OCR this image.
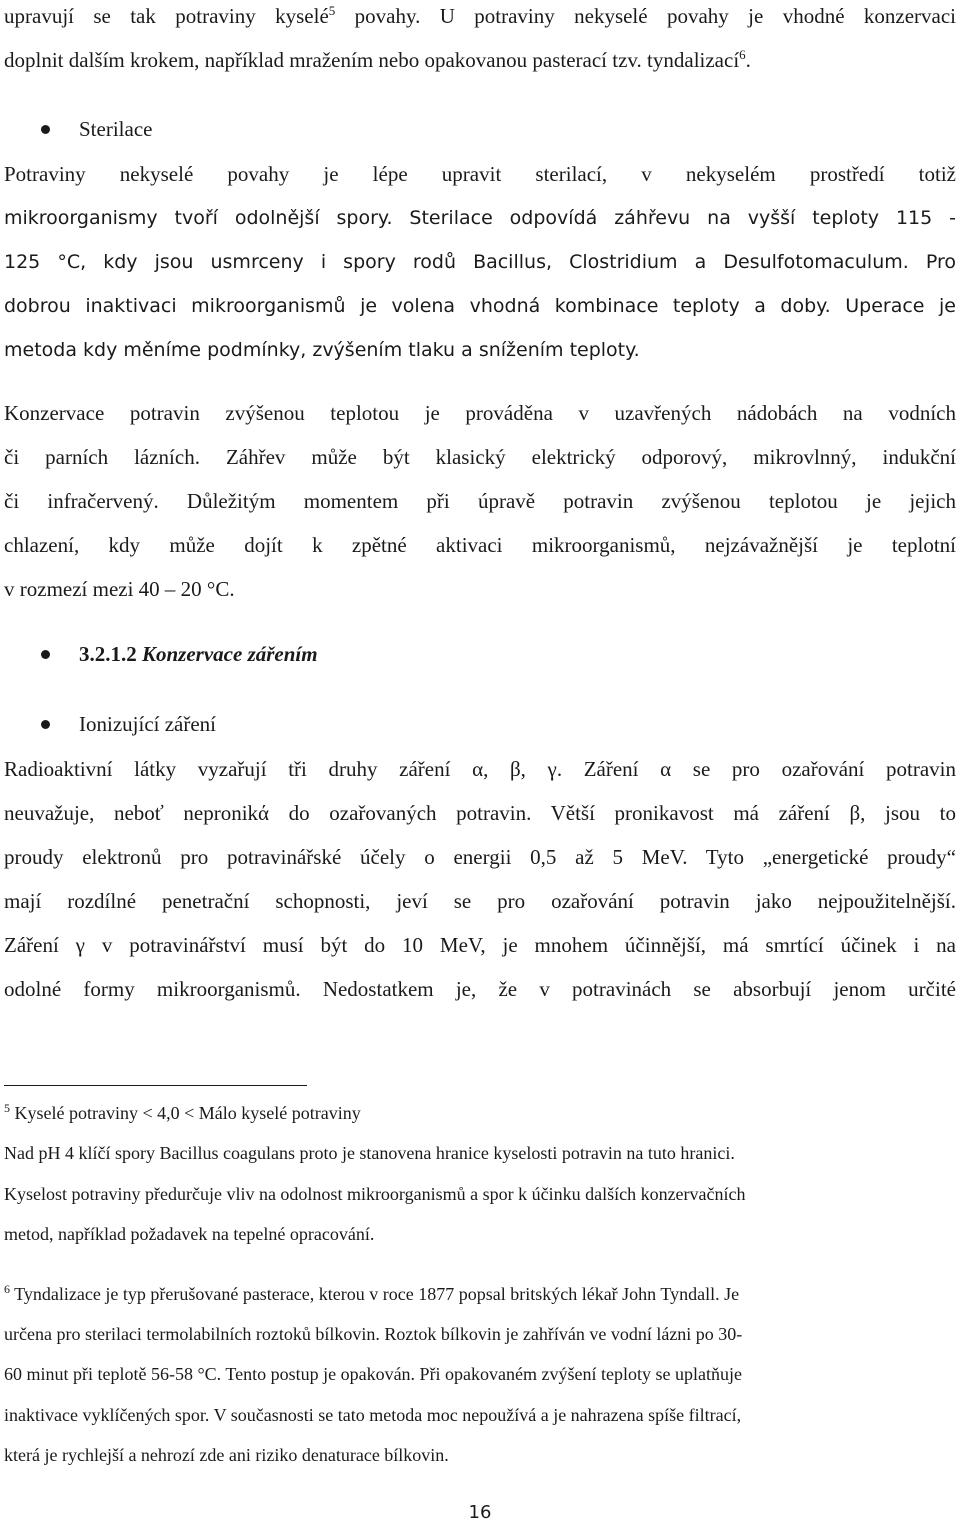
upravují se tak potraviny kyselé$^5$ povahy. U potraviny nekyselé povahy je vhodné konzervaci
doplnit dalším krokem, například mražením nebo opakovanou pasterací tzv. tyndalizací$^6$.
Sterilace
Potraviny nekyselé povahy je lépe upravit sterilací, v nekyselém prostředí totiž
mikroorganismy tvoří odolnější spory. Sterilace odpovídá záhřevu na vyšší teploty 115 -
125 °C, kdy jsou usmrceny i spory rodů Bacillus, Clostridium a Desulfotomaculum. Pro
dobrou inaktivaci mikroorganismů je volena vhodná kombinace teploty a doby. Uperace je
metoda kdy měníme podmínky, zvýšením tlaku a snížením teploty.
Konzervace potravin zvýšenou teplotou je prováděna v uzavřených nádobách na vodních
či parních lázních. Záhřev může být klasický elektrický odporový, mikrovlnný, indukční
či infračervený. Důležitým momentem při úpravě potravin zvýšenou teplotou je jejich
chlazení, kdy může dojít k zpětné aktivaci mikroorganismů, nejzávažnější je teplotní
v rozmezí mezi 40 – 20 °C.
3.2.1.2 Konzervace zářením
Ionizující záření
Radioaktivní látky vyzařují tři druhy záření α, β, γ. Záření α se pro ozařování potravin
neuvažuje, neboť nepronikά do ozařovaných potravin. Větší pronikavost má záření β, jsou to
proudy elektronů pro potravinářské účely o energii 0,5 až 5 MeV. Tyto „energetické proudy“
mají rozdílné penetrační schopnosti, jeví se pro ozařování potravin jako nejpoužitelnější.
Záření γ v potravinářství musí být do 10 MeV, je mnohem účinnější, má smrtící účinek i na
odolné formy mikroorganismů. Nedostatkem je, že v potravinách se absorbují jenom určité
$^5$ Kyselé potraviny < 4,0 < Málo kyselé potraviny
Nad pH 4 klíčí spory Bacillus coagulans proto je stanovena hranice kyselosti potravin na tuto hranici.
Kyselost potraviny předurčuje vliv na odolnost mikroorganismů a spor k účinku dalších konzervačních
metod, například požadavek na tepelné opracování.
$^6$ Tyndalizace je typ přerušované pasterace, kterou v roce 1877 popsal britských lékař John Tyndall. Je
určena pro sterilaci termolabilních roztoků bílkovin. Roztok bílkovin je zahříván ve vodní lázni po 30-
60 minut při teplotě 56-58 °C. Tento postup je opakován. Při opakovaném zvýšení teploty se uplatňuje
inaktivace vyklíčených spor. V současnosti se tato metoda moc nepoužívá a je nahrazena spíše filtrací,
která je rychlejší a nehrozí zde ani riziko denaturace bílkovin.
16
